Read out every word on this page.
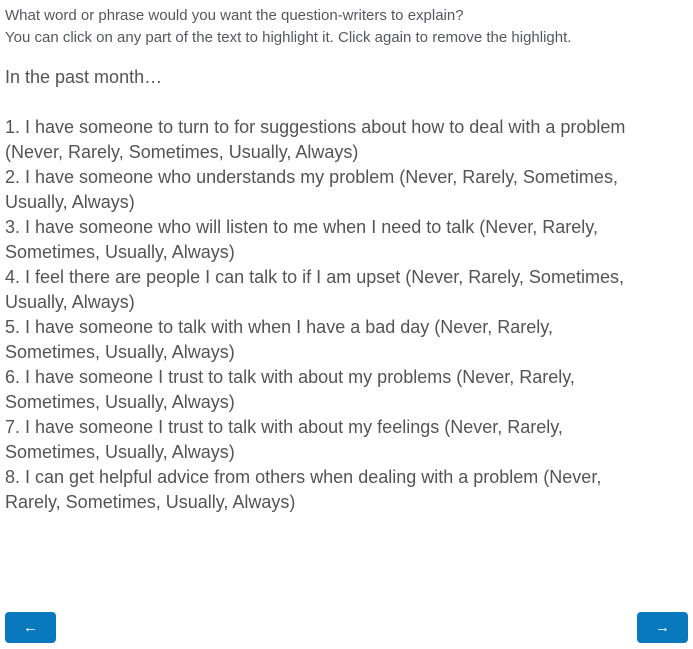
What word or phrase would you want the question-writers to explain?
You can click on any part of the text to highlight it. Click again to remove the highlight.
In the past month…
1. I have someone to turn to for suggestions about how to deal with a problem
(Never, Rarely, Sometimes, Usually, Always)
2. I have someone who understands my problem (Never, Rarely, Sometimes,
Usually, Always)
3. I have someone who will listen to me when I need to talk (Never, Rarely,
Sometimes, Usually, Always)
4. I feel there are people I can talk to if I am upset (Never, Rarely, Sometimes,
Usually, Always)
5. I have someone to talk with when I have a bad day (Never, Rarely,
Sometimes, Usually, Always)
6. I have someone I trust to talk with about my problems (Never, Rarely,
Sometimes, Usually, Always)
7. I have someone I trust to talk with about my feelings (Never, Rarely,
Sometimes, Usually, Always)
8. I can get helpful advice from others when dealing with a problem (Never,
Rarely, Sometimes, Usually, Always)
←	→
